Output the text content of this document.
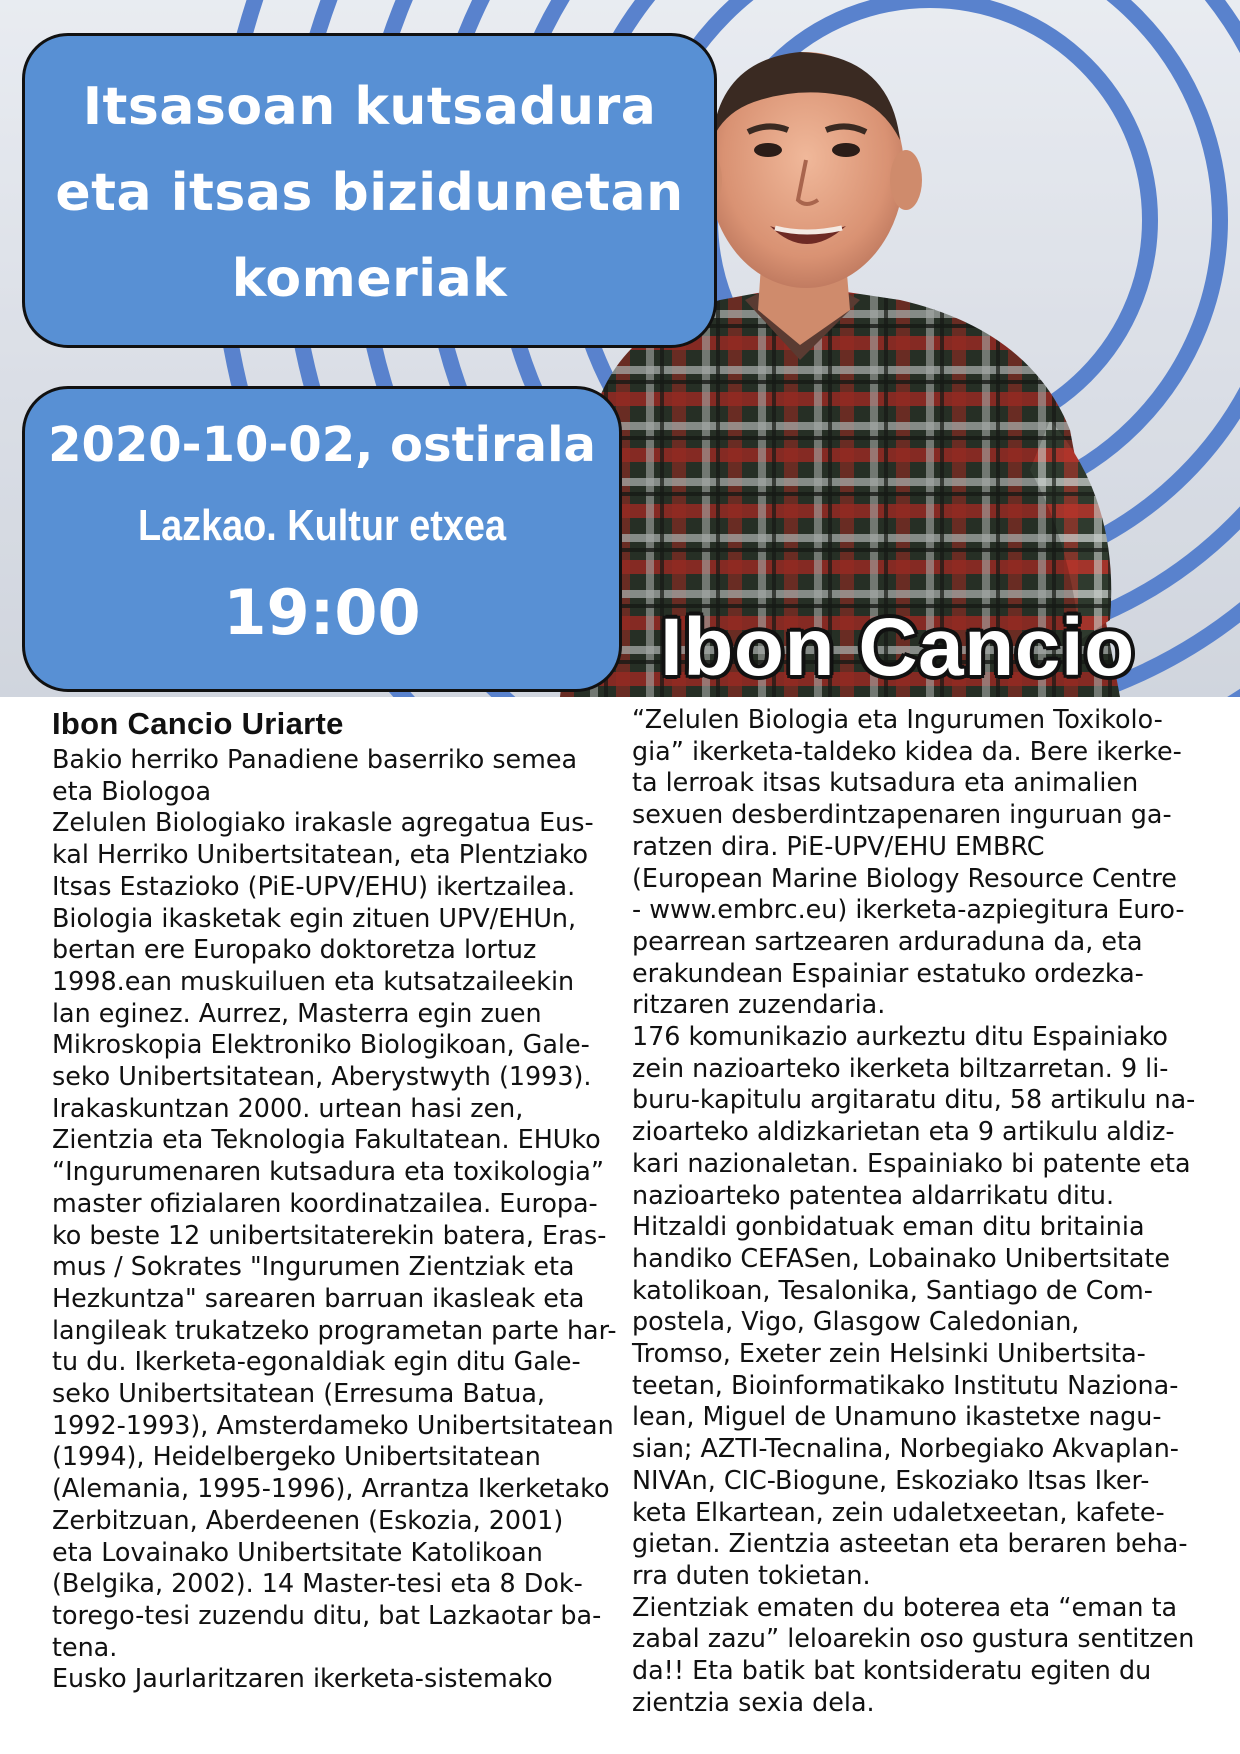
Itsasoan kutsadura
eta itsas bizidunetan
komeriak
2020-10-02, ostirala
Lazkao. Kultur etxea
19:00	Ibon Cancio
Ibon Cancio Uriarte
Bakio herriko Panadiene baserriko semea
eta Biologoa
Zelulen Biologiako irakasle agregatua Eus-
kal Herriko Unibertsitatean, eta Plentziako
Itsas Estazioko (PiE-UPV/EHU) ikertzailea.
Biologia ikasketak egin zituen UPV/EHUn,
bertan ere Europako doktoretza lortuz
1998.ean muskuiluen eta kutsatzaileekin
lan eginez. Aurrez, Masterra egin zuen
Mikroskopia Elektroniko Biologikoan, Gale-
seko Unibertsitatean, Aberystwyth (1993).
Irakaskuntzan 2000. urtean hasi zen,
Zientzia eta Teknologia Fakultatean. EHUko
“Ingurumenaren kutsadura eta toxikologia”
master ofizialaren koordinatzailea. Europa-
ko beste 12 unibertsitaterekin batera, Eras-
mus / Sokrates "Ingurumen Zientziak eta
Hezkuntza" sarearen barruan ikasleak eta
langileak trukatzeko programetan parte har-
tu du. Ikerketa-egonaldiak egin ditu Gale-
seko Unibertsitatean (Erresuma Batua,
1992-1993), Amsterdameko Unibertsitatean
(1994), Heidelbergeko Unibertsitatean
(Alemania, 1995-1996), Arrantza Ikerketako
Zerbitzuan, Aberdeenen (Eskozia, 2001)
eta Lovainako Unibertsitate Katolikoan
(Belgika, 2002). 14 Master-tesi eta 8 Dok-
torego-tesi zuzendu ditu, bat Lazkaotar ba-
tena.
Eusko Jaurlaritzaren ikerketa-sistemako
“Zelulen Biologia eta Ingurumen Toxikolo-
gia” ikerketa-taldeko kidea da. Bere ikerke-
ta lerroak itsas kutsadura eta animalien
sexuen desberdintzapenaren inguruan ga-
ratzen dira. PiE-UPV/EHU EMBRC
(European Marine Biology Resource Centre
- www.embrc.eu) ikerketa-azpiegitura Euro-
pearrean sartzearen arduraduna da, eta
erakundean Espainiar estatuko ordezka-
ritzaren zuzendaria.
176 komunikazio aurkeztu ditu Espainiako
zein nazioarteko ikerketa biltzarretan. 9 li-
buru-kapitulu argitaratu ditu, 58 artikulu na-
zioarteko aldizkarietan eta 9 artikulu aldiz-
kari nazionaletan. Espainiako bi patente eta
nazioarteko patentea aldarrikatu ditu.
Hitzaldi gonbidatuak eman ditu britainia
handiko CEFASen, Lobainako Unibertsitate
katolikoan, Tesalonika, Santiago de Com-
postela, Vigo, Glasgow Caledonian,
Tromso, Exeter zein Helsinki Unibertsita-
teetan, Bioinformatikako Institutu Naziona-
lean, Miguel de Unamuno ikastetxe nagu-
sian; AZTI-Tecnalina, Norbegiako Akvaplan-
NIVAn, CIC-Biogune, Eskoziako Itsas Iker-
keta Elkartean, zein udaletxeetan, kafete-
gietan. Zientzia asteetan eta beraren beha-
rra duten tokietan.
Zientziak ematen du boterea eta “eman ta
zabal zazu” leloarekin oso gustura sentitzen
da!! Eta batik bat kontsideratu egiten du
zientzia sexia dela.
